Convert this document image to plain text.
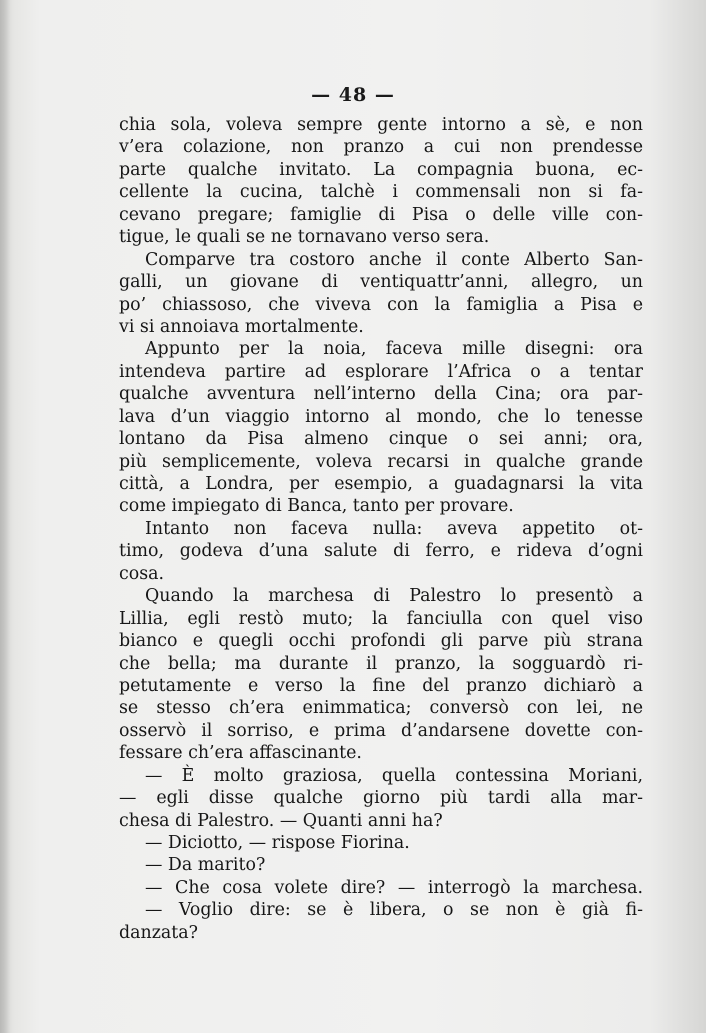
— 48 —
chia sola, voleva sempre gente intorno a sè, e non
v’era colazione, non pranzo a cui non prendesse
parte qualche invitato. La compagnia buona, ec-
cellente la cucina, talchè i commensali non si fa-
cevano pregare; famiglie di Pisa o delle ville con-
tigue, le quali se ne tornavano verso sera.
Comparve tra costoro anche il conte Alberto San-
galli, un giovane di ventiquattr’anni, allegro, un
po’ chiassoso, che viveva con la famiglia a Pisa e
vi si annoiava mortalmente.
Appunto per la noia, faceva mille disegni: ora
intendeva partire ad esplorare l’Africa o a tentar
qualche avventura nell’interno della Cina; ora par-
lava d’un viaggio intorno al mondo, che lo tenesse
lontano da Pisa almeno cinque o sei anni; ora,
più semplicemente, voleva recarsi in qualche grande
città, a Londra, per esempio, a guadagnarsi la vita
come impiegato di Banca, tanto per provare.
Intanto non faceva nulla: aveva appetito ot-
timo, godeva d’una salute di ferro, e rideva d’ogni
cosa.
Quando la marchesa di Palestro lo presentò a
Lillia, egli restò muto; la fanciulla con quel viso
bianco e quegli occhi profondi gli parve più strana
che bella; ma durante il pranzo, la sogguardò ri-
petutamente e verso la fine del pranzo dichiarò a
se stesso ch’era enimmatica; conversò con lei, ne
osservò il sorriso, e prima d’andarsene dovette con-
fessare ch’era affascinante.
— È molto graziosa, quella contessina Moriani,
— egli disse qualche giorno più tardi alla mar-
chesa di Palestro. — Quanti anni ha?
— Diciotto, — rispose Fiorina.
— Da marito?
— Che cosa volete dire? — interrogò la marchesa.
— Voglio dire: se è libera, o se non è già fi-
danzata?
